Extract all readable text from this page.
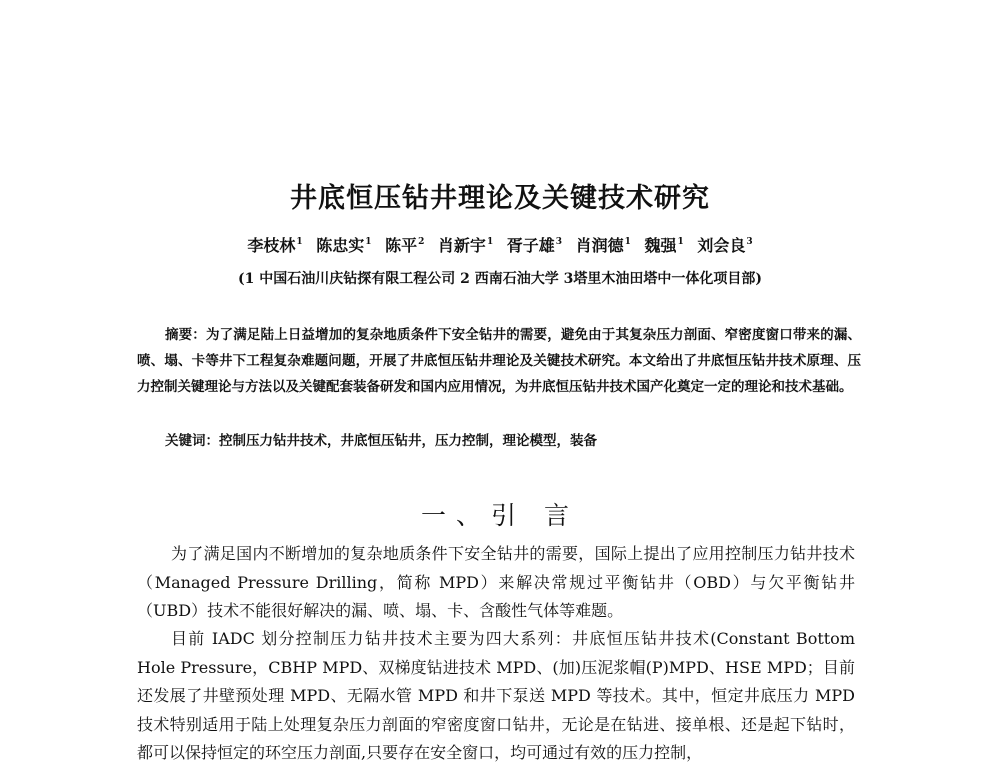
井底恒压钻井理论及关键技术研究
李枝林$^1$ 陈忠实$^1$ 陈平$^2$ 肖新宇$^1$ 胥子雄$^3$ 肖润德$^1$ 魏强$^1$ 刘会良$^3$
(1 中国石油川庆钻探有限工程公司 2 西南石油大学 3塔里木油田塔中一体化项目部)

摘要：为了满足陆上日益增加的复杂地质条件下安全钻井的需要，避免由于其复杂压力剖面、窄密度窗口带来的漏、喷、塌、卡等井下工程复杂难题问题，开展了井底恒压钻井理论及关键技术研究。本文给出了井底恒压钻井技术原理、压力控制关键理论与方法以及关键配套装备研发和国内应用情况，为井底恒压钻井技术国产化奠定一定的理论和技术基础。

关键词：控制压力钻井技术，井底恒压钻井，压力控制，理论模型，装备

一、引 言

为了满足国内不断增加的复杂地质条件下安全钻井的需要，国际上提出了应用控制压力钻井技术（Managed Pressure Drilling，简称 MPD）来解决常规过平衡钻井（OBD）与欠平衡钻井（UBD）技术不能很好解决的漏、喷、塌、卡、含酸性气体等难题。

目前 IADC 划分控制压力钻井技术主要为四大系列：井底恒压钻井技术(Constant Bottom Hole Pressure，CBHP MPD、双梯度钻进技术 MPD、(加)压泥浆帽(P)MPD、HSE MPD；目前还发展了井壁预处理 MPD、无隔水管 MPD 和井下泵送 MPD 等技术。其中，恒定井底压力 MPD 技术特别适用于陆上处理复杂压力剖面的窄密度窗口钻井，无论是在钻进、接单根、还是起下钻时，都可以保持恒定的环空压力剖面,只要存在安全窗口，均可通过有效的压力控制，
